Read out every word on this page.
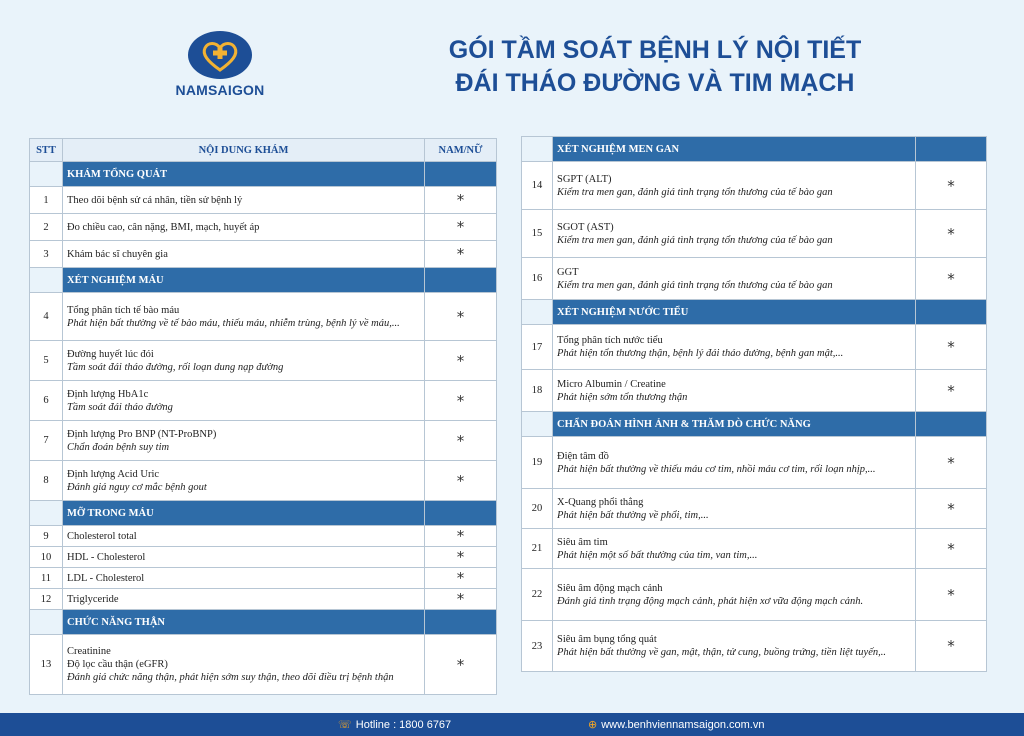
NAMSAIGON
GÓI TẦM SOÁT BỆNH LÝ NỘI TIẾT
ĐÁI THÁO ĐƯỜNG VÀ TIM MẠCH
STT	NỘI DUNG KHÁM	NAM/NỮ
	KHÁM TỔNG QUÁT	
1	Theo dõi bệnh sử cá nhân, tiền sử bệnh lý	*
2	Đo chiều cao, cân nặng, BMI, mạch, huyết áp	*
3	Khám bác sĩ chuyên gia	*
	XÉT NGHIỆM MÁU	
4	Tổng phân tích tế bào máu
Phát hiện bất thường về tế bào máu, thiếu máu, nhiễm trùng, bệnh lý về máu,...	*
5	Đường huyết lúc đói
Tầm soát đái tháo đường, rối loạn dung nạp đường	*
6	Định lượng HbA1c
Tầm soát đái tháo đường	*
7	Định lượng Pro BNP (NT-ProBNP)
Chẩn đoán bệnh suy tim	*
8	Định lượng Acid Uric
Đánh giá nguy cơ mắc bệnh gout	*
	MỠ TRONG MÁU	
9	Cholesterol total	*
10	HDL - Cholesterol	*
11	LDL - Cholesterol	*
12	Triglyceride	*
	CHỨC NĂNG THẬN	
13	Creatinine
Độ lọc cầu thận (eGFR)
Đánh giá chức năng thận, phát hiện sớm suy thận, theo dõi điều trị bệnh thận	*
	XÉT NGHIỆM MEN GAN	
14	SGPT (ALT)
Kiểm tra men gan, đánh giá tình trạng tổn thương của tế bào gan	*
15	SGOT (AST)
Kiểm tra men gan, đánh giá tình trạng tổn thương của tế bào gan	*
16	GGT
Kiểm tra men gan, đánh giá tình trạng tổn thương của tế bào gan	*
	XÉT NGHIỆM NƯỚC TIỂU	
17	Tổng phân tích nước tiểu
Phát hiện tổn thương thận, bệnh lý đái tháo đường, bệnh gan mật,...	*
18	Micro Albumin / Creatine
Phát hiện sớm tổn thương thận	*
	CHẨN ĐOÁN HÌNH ẢNH & THĂM DÒ CHỨC NĂNG	
19	Điện tâm đồ
Phát hiện bất thường về thiếu máu cơ tim, nhồi máu cơ tim, rối loạn nhịp,...	*
20	X-Quang phổi thẳng
Phát hiện bất thường về phổi, tim,...	*
21	Siêu âm tim
Phát hiện một số bất thường của tim, van tim,...	*
22	Siêu âm động mạch cảnh
Đánh giá tình trạng động mạch cảnh, phát hiện xơ vữa động mạch cảnh.	*
23	Siêu âm bụng tổng quát
Phát hiện bất thường về gan, mật, thận, tử cung, buồng trứng, tiền liệt tuyến,..	*
☏ Hotline : 1800 6767	⊕ www.benhviennamsaigon.com.vn
